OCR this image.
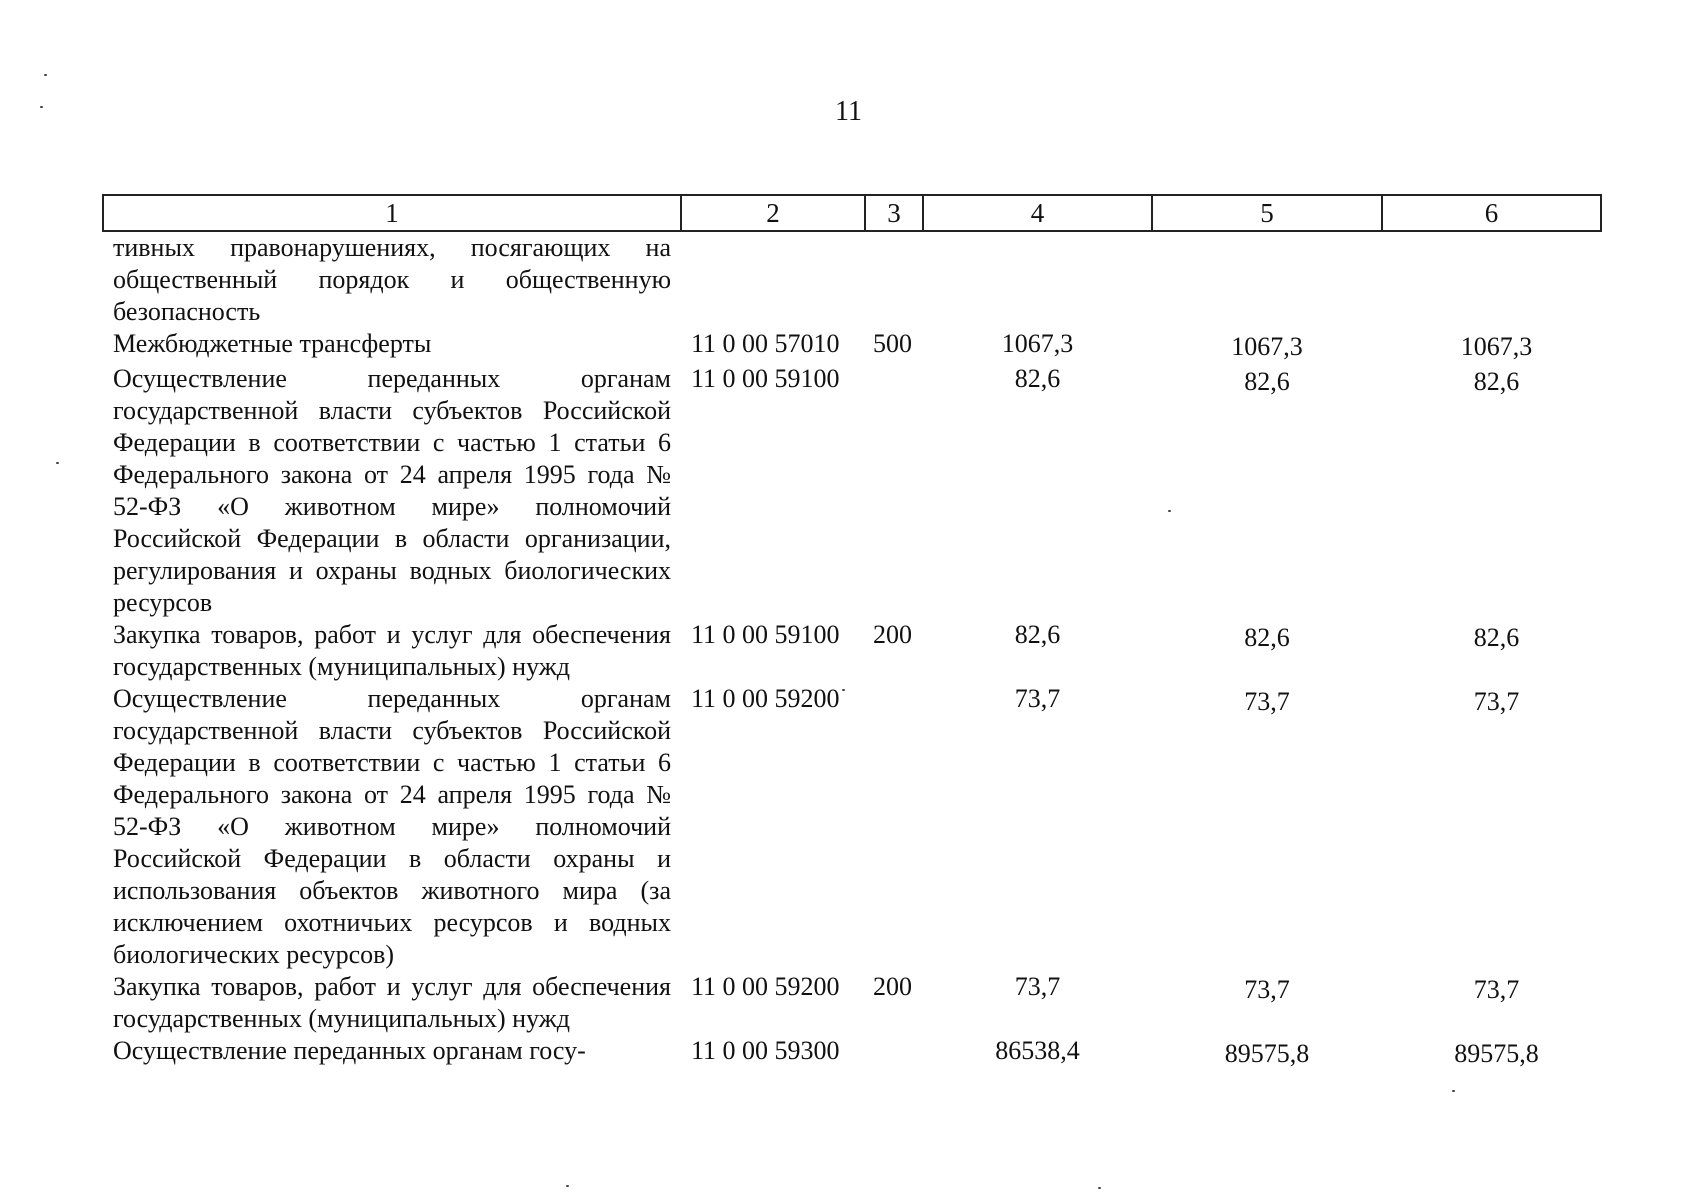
11
1	2	3	4	5	6
тивных правонарушениях, посягающих на общественный порядок и общественную безопасность					
Межбюджетные трансферты	11 0 00 57010	500	1067,3	1067,3	1067,3
Осуществление переданных органам государственной власти субъектов Российской Федерации в соответствии с частью 1 статьи 6 Федерального закона от 24 апреля 1995 года № 52-ФЗ «О животном мире» полномочий Российской Федерации в области организации, регулирования и охраны водных биологических ресурсов	11 0 00 59100		82,6	82,6	82,6
Закупка товаров, работ и услуг для обеспечения государственных (муниципальных) нужд	11 0 00 59100	200	82,6	82,6	82,6
Осуществление переданных органам государственной власти субъектов Российской Федерации в соответствии с частью 1 статьи 6 Федерального закона от 24 апреля 1995 года № 52-ФЗ «О животном мире» полномочий Российской Федерации в области охраны и использования объектов животного мира (за исключением охотничьих ресурсов и водных биологических ресурсов)	11 0 00 59200		73,7	73,7	73,7
Закупка товаров, работ и услуг для обеспечения государственных (муниципальных) нужд	11 0 00 59200	200	73,7	73,7	73,7
Осуществление переданных органам госу-	11 0 00 59300		86538,4	89575,8	89575,8
